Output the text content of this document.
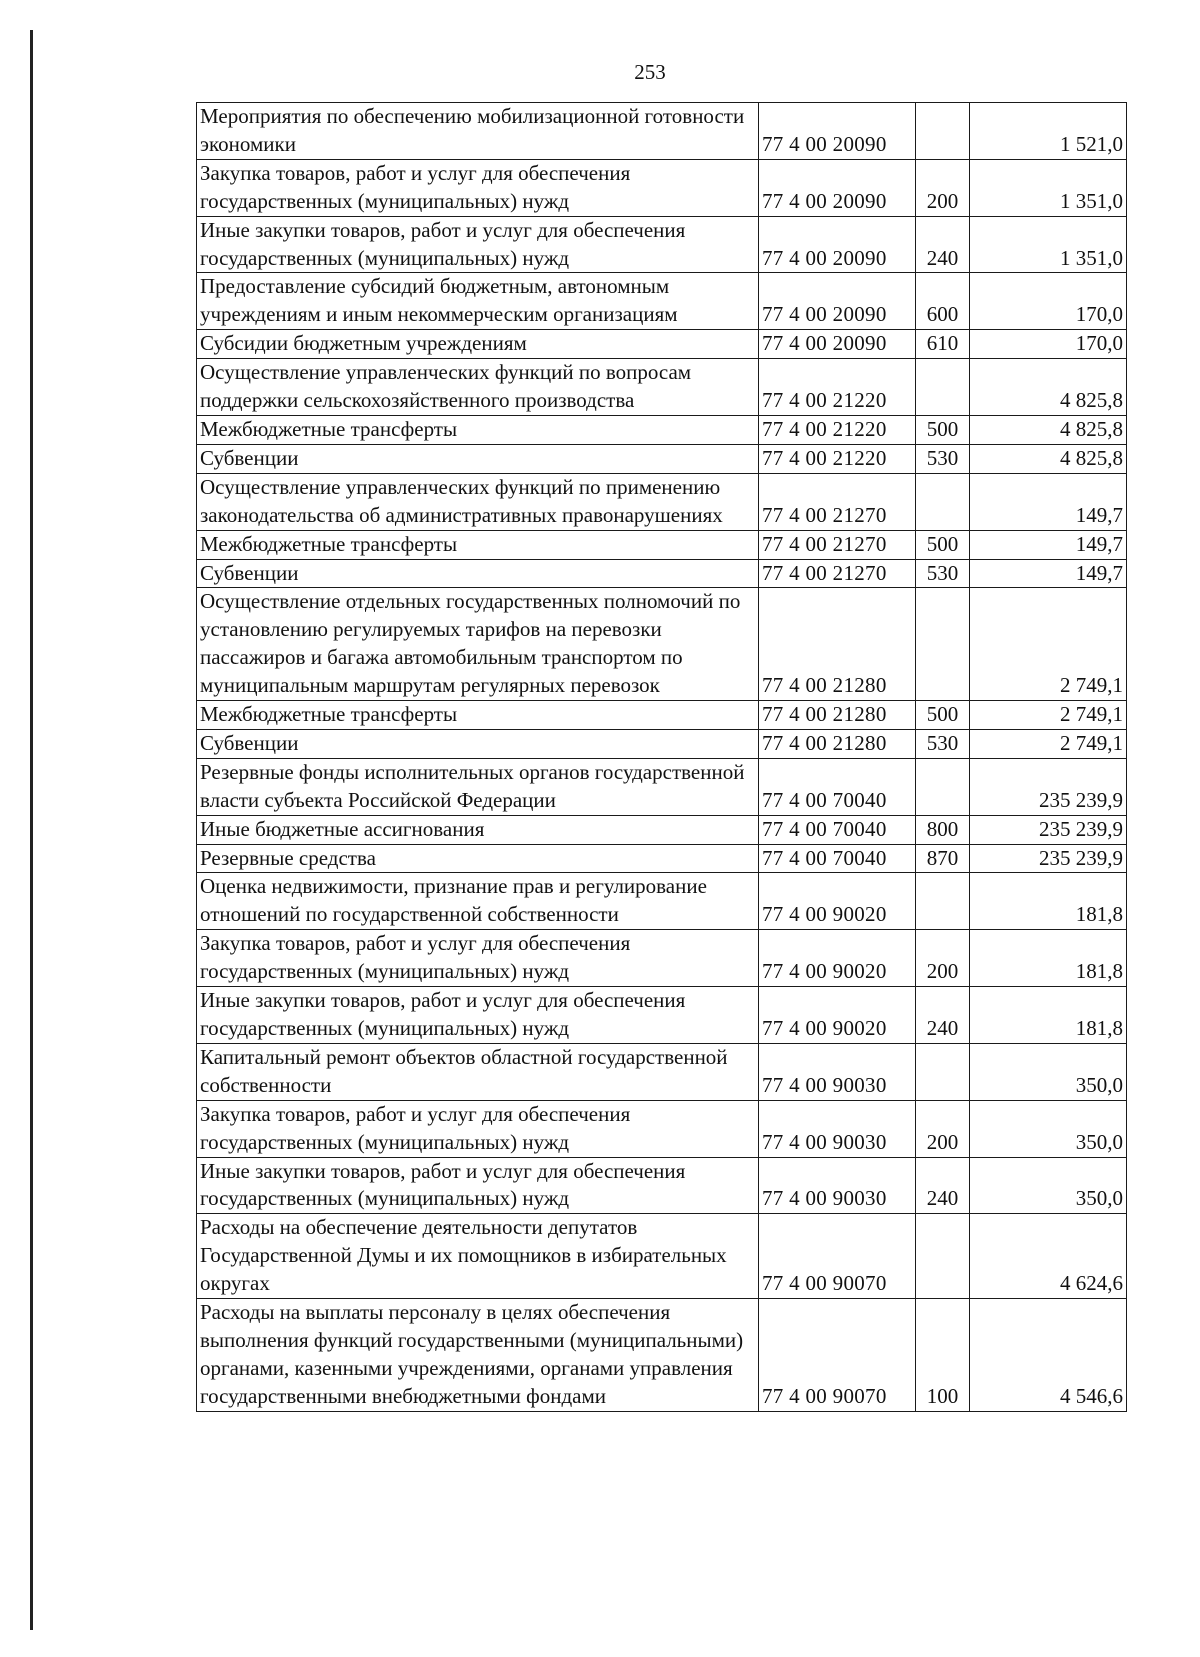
253
Мероприятия по обеспечению мобилизационной готовности экономики	77 4 00 20090		1 521,0
Закупка товаров, работ и услуг для обеспечения государственных (муниципальных) нужд	77 4 00 20090	200	1 351,0
Иные закупки товаров, работ и услуг для обеспечения государственных (муниципальных) нужд	77 4 00 20090	240	1 351,0
Предоставление субсидий бюджетным, автономным учреждениям и иным некоммерческим организациям	77 4 00 20090	600	170,0
Субсидии бюджетным учреждениям	77 4 00 20090	610	170,0
Осуществление управленческих функций по вопросам поддержки сельскохозяйственного производства	77 4 00 21220		4 825,8
Межбюджетные трансферты	77 4 00 21220	500	4 825,8
Субвенции	77 4 00 21220	530	4 825,8
Осуществление управленческих функций по применению законодательства об административных правонарушениях	77 4 00 21270		149,7
Межбюджетные трансферты	77 4 00 21270	500	149,7
Субвенции	77 4 00 21270	530	149,7
Осуществление отдельных государственных полномочий по установлению регулируемых тарифов на перевозки пассажиров и багажа автомобильным транспортом по муниципальным маршрутам регулярных перевозок	77 4 00 21280		2 749,1
Межбюджетные трансферты	77 4 00 21280	500	2 749,1
Субвенции	77 4 00 21280	530	2 749,1
Резервные фонды исполнительных органов государственной власти субъекта Российской Федерации	77 4 00 70040		235 239,9
Иные бюджетные ассигнования	77 4 00 70040	800	235 239,9
Резервные средства	77 4 00 70040	870	235 239,9
Оценка недвижимости, признание прав и регулирование отношений по государственной собственности	77 4 00 90020		181,8
Закупка товаров, работ и услуг для обеспечения государственных (муниципальных) нужд	77 4 00 90020	200	181,8
Иные закупки товаров, работ и услуг для обеспечения государственных (муниципальных) нужд	77 4 00 90020	240	181,8
Капитальный ремонт объектов областной государственной собственности	77 4 00 90030		350,0
Закупка товаров, работ и услуг для обеспечения государственных (муниципальных) нужд	77 4 00 90030	200	350,0
Иные закупки товаров, работ и услуг для обеспечения государственных (муниципальных) нужд	77 4 00 90030	240	350,0
Расходы на обеспечение деятельности депутатов Государственной Думы и их помощников в избирательных округах	77 4 00 90070		4 624,6
Расходы на выплаты персоналу в целях обеспечения выполнения функций государственными (муниципальными) органами, казенными учреждениями, органами управления государственными внебюджетными фондами	77 4 00 90070	100	4 546,6
